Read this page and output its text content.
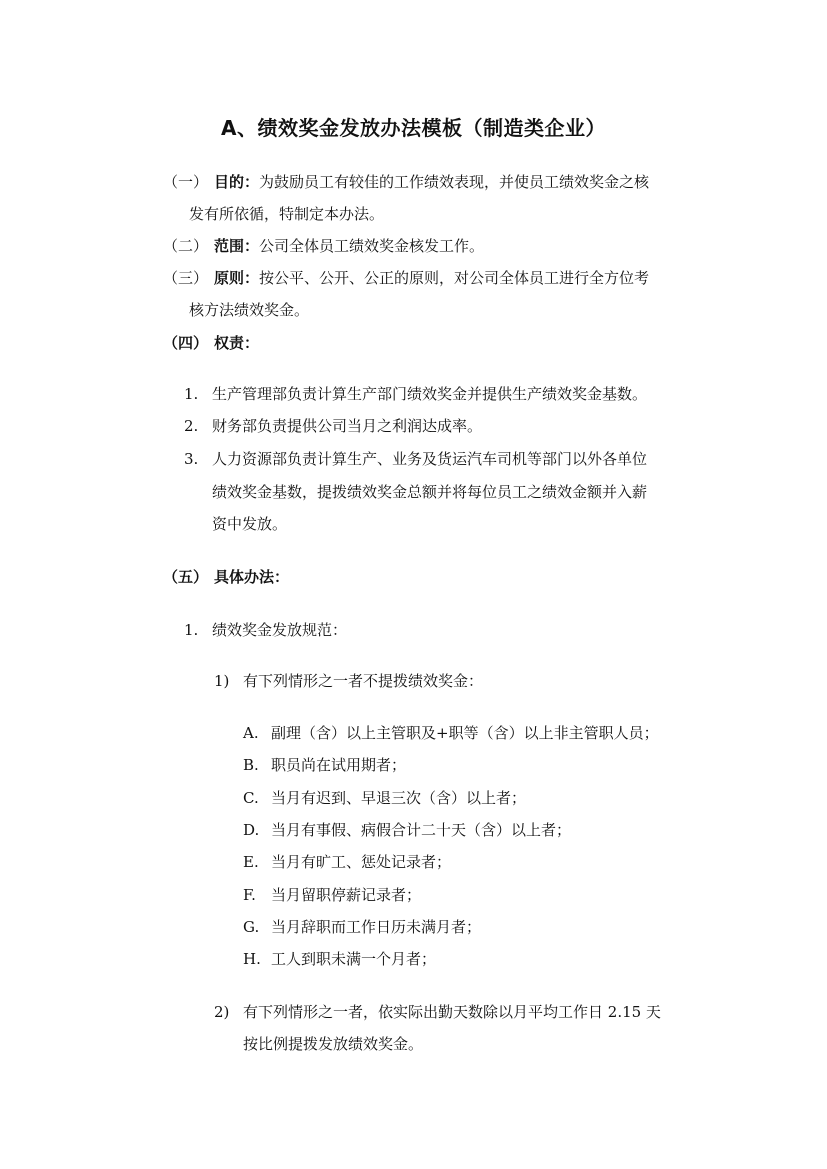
A、绩效奖金发放办法模板（制造类企业）
（一） 目的：为鼓励员工有较佳的工作绩效表现，并使员工绩效奖金之核
发有所依循，特制定本办法。
（二） 范围：公司全体员工绩效奖金核发工作。
（三） 原则：按公平、公开、公正的原则，对公司全体员工进行全方位考
核方法绩效奖金。
（四） 权责：
1. 生产管理部负责计算生产部门绩效奖金并提供生产绩效奖金基数。
2. 财务部负责提供公司当月之利润达成率。
3. 人力资源部负责计算生产、业务及货运汽车司机等部门以外各单位
绩效奖金基数，提拨绩效奖金总额并将每位员工之绩效金额并入薪
资中发放。
（五） 具体办法：
1. 绩效奖金发放规范：
1) 有下列情形之一者不提拨绩效奖金：
A. 副理（含）以上主管职及+职等（含）以上非主管职人员；
B. 职员尚在试用期者；
C. 当月有迟到、早退三次（含）以上者；
D. 当月有事假、病假合计二十天（含）以上者；
E. 当月有旷工、惩处记录者；
F. 当月留职停薪记录者；
G. 当月辞职而工作日历未满月者；
H. 工人到职未满一个月者；
2) 有下列情形之一者，依实际出勤天数除以月平均工作日 2.15 天
按比例提拨发放绩效奖金。
